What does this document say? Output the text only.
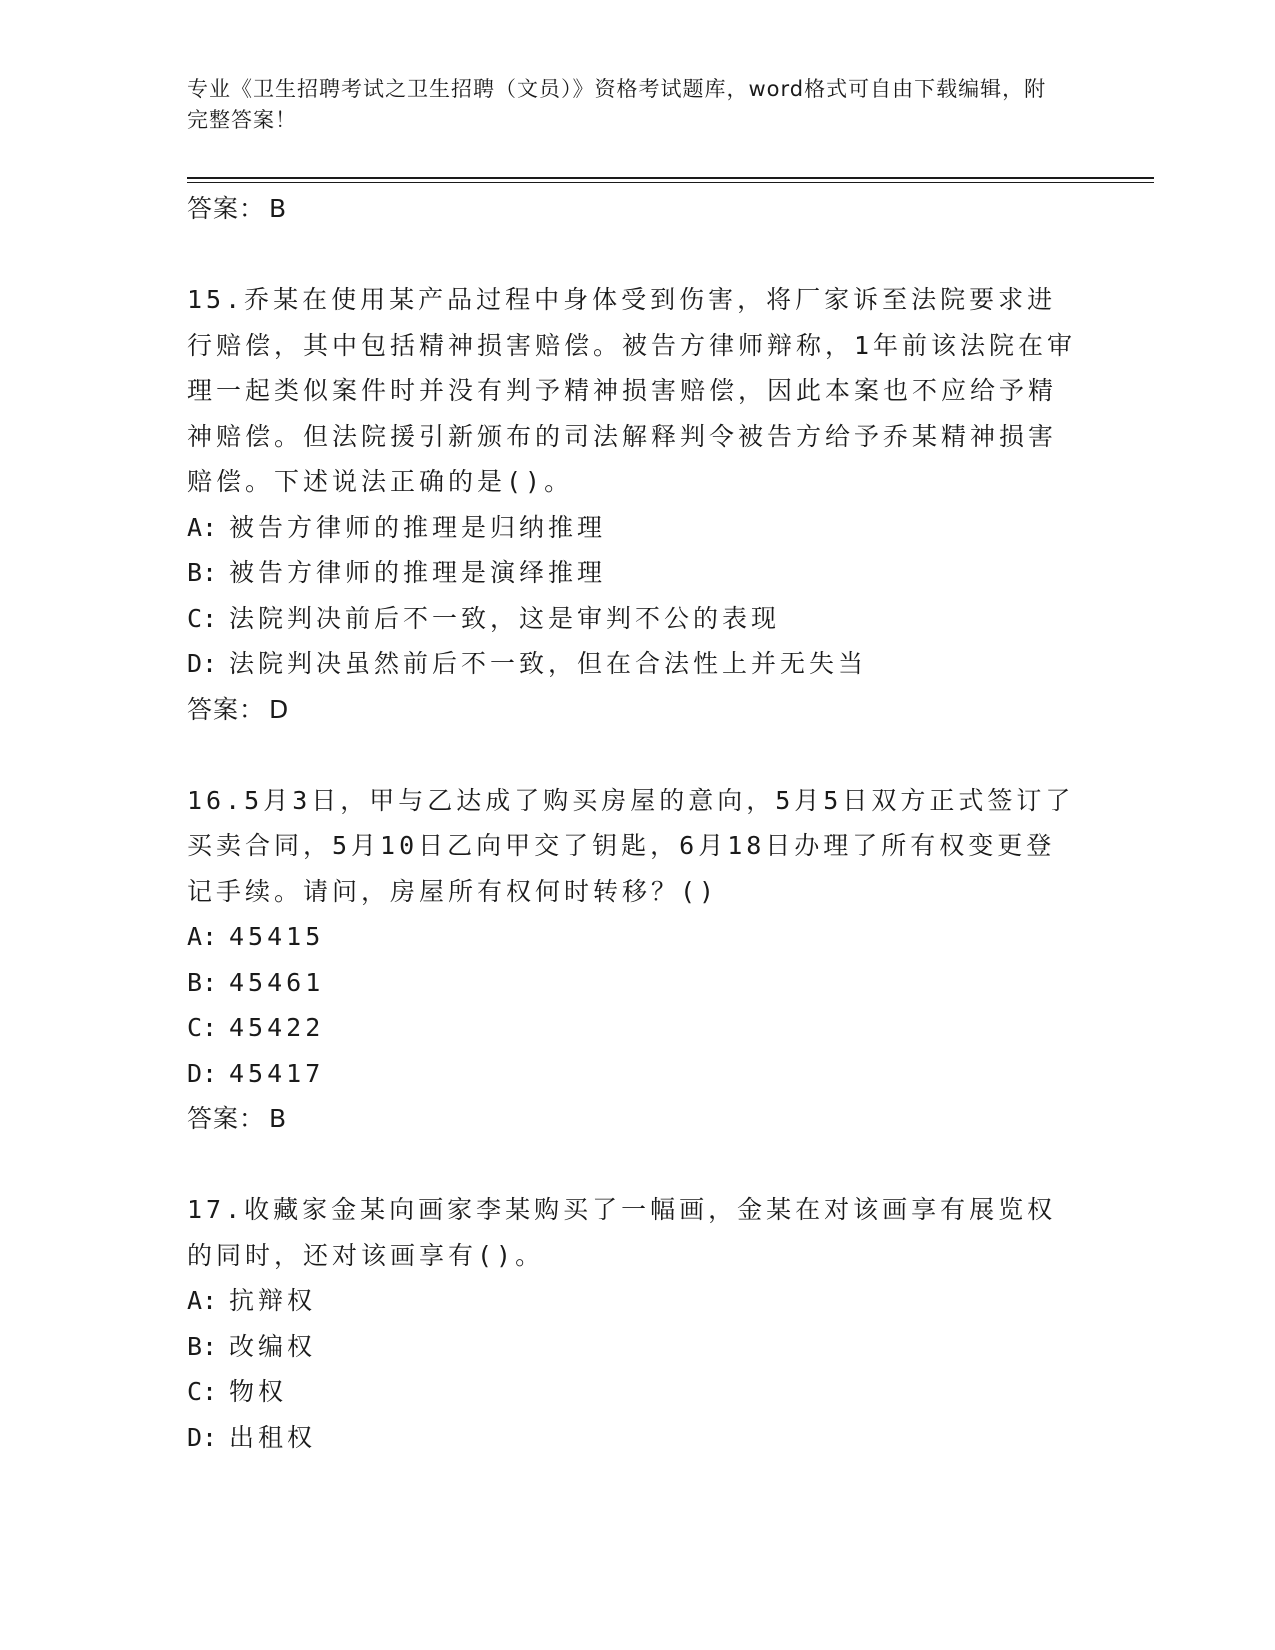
专业《卫生招聘考试之卫生招聘（文员）》资格考试题库，word格式可自由下载编辑，附完整答案！
答案： B
15.乔某在使用某产品过程中身体受到伤害，将厂家诉至法院要求进行赔偿，其中包括精神损害赔偿。被告方律师辩称，1年前该法院在审理一起类似案件时并没有判予精神损害赔偿，因此本案也不应给予精神赔偿。但法院援引新颁布的司法解释判令被告方给予乔某精神损害赔偿。下述说法正确的是()。
A: 被告方律师的推理是归纳推理
B: 被告方律师的推理是演绎推理
C: 法院判决前后不一致，这是审判不公的表现
D: 法院判决虽然前后不一致，但在合法性上并无失当
答案： D
16.5月3日，甲与乙达成了购买房屋的意向，5月5日双方正式签订了买卖合同，5月10日乙向甲交了钥匙，6月18日办理了所有权变更登记手续。请问，房屋所有权何时转移？()
A: 45415
B: 45461
C: 45422
D: 45417
答案： B
17.收藏家金某向画家李某购买了一幅画，金某在对该画享有展览权的同时，还对该画享有()。
A: 抗辩权
B: 改编权
C: 物权
D: 出租权
